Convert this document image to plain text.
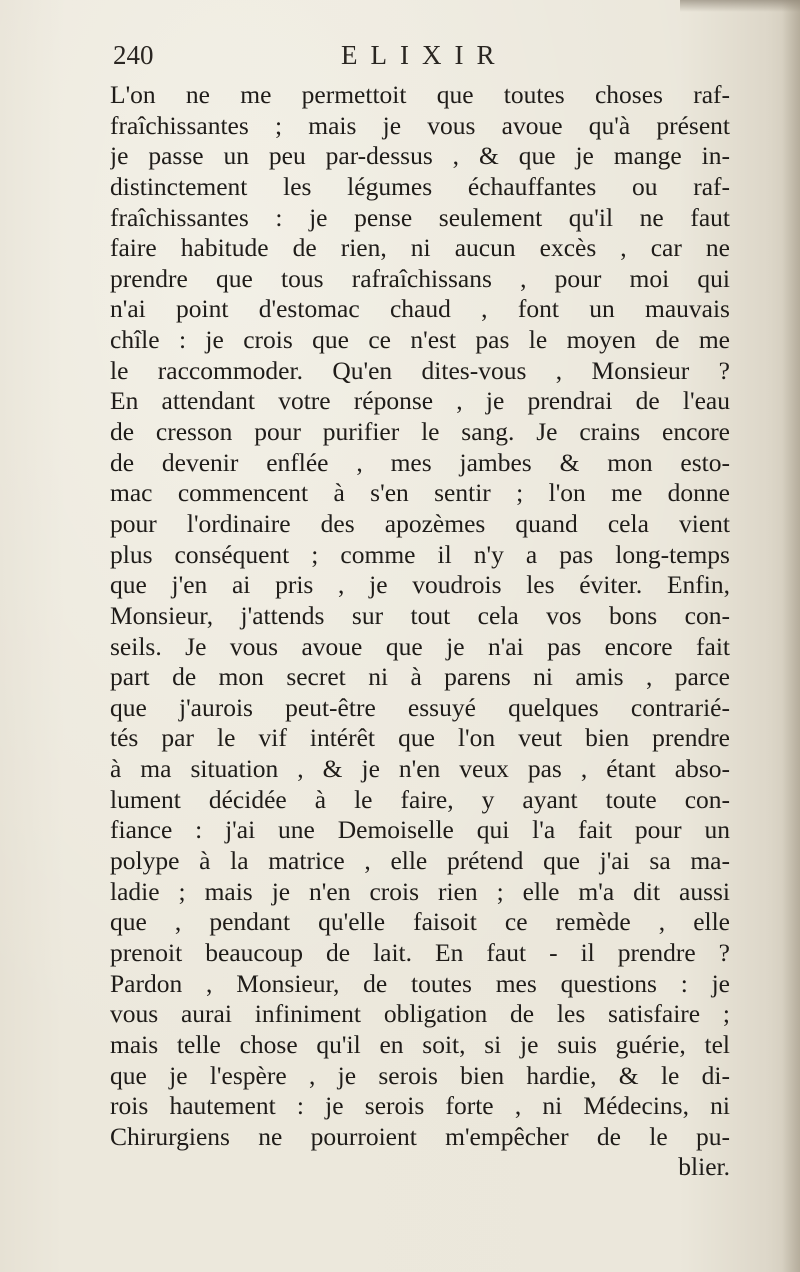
240	ELIXIR
L'on ne me permettoit que toutes choses raf-
fraîchissantes ; mais je vous avoue qu'à présent
je passe un peu par-dessus , & que je mange in-
distinctement les légumes échauffantes ou raf-
fraîchissantes : je pense seulement qu'il ne faut
faire habitude de rien, ni aucun excès , car ne
prendre que tous rafraîchissans , pour moi qui
n'ai point d'estomac chaud , font un mauvais
chîle : je crois que ce n'est pas le moyen de me
le raccommoder. Qu'en dites-vous , Monsieur ?
En attendant votre réponse , je prendrai de l'eau
de cresson pour purifier le sang. Je crains encore
de devenir enflée , mes jambes & mon esto-
mac commencent à s'en sentir ; l'on me donne
pour l'ordinaire des apozèmes quand cela vient
plus conséquent ; comme il n'y a pas long-temps
que j'en ai pris , je voudrois les éviter. Enfin,
Monsieur, j'attends sur tout cela vos bons con-
seils. Je vous avoue que je n'ai pas encore fait
part de mon secret ni à parens ni amis , parce
que j'aurois peut-être essuyé quelques contrarié-
tés par le vif intérêt que l'on veut bien prendre
à ma situation , & je n'en veux pas , étant abso-
lument décidée à le faire, y ayant toute con-
fiance : j'ai une Demoiselle qui l'a fait pour un
polype à la matrice , elle prétend que j'ai sa ma-
ladie ; mais je n'en crois rien ; elle m'a dit aussi
que , pendant qu'elle faisoit ce remède , elle
prenoit beaucoup de lait. En faut - il prendre ?
Pardon , Monsieur, de toutes mes questions : je
vous aurai infiniment obligation de les satisfaire ;
mais telle chose qu'il en soit, si je suis guérie, tel
que je l'espère , je serois bien hardie, & le di-
rois hautement : je serois forte , ni Médecins, ni
Chirurgiens ne pourroient m'empêcher de le pu-
blier.
